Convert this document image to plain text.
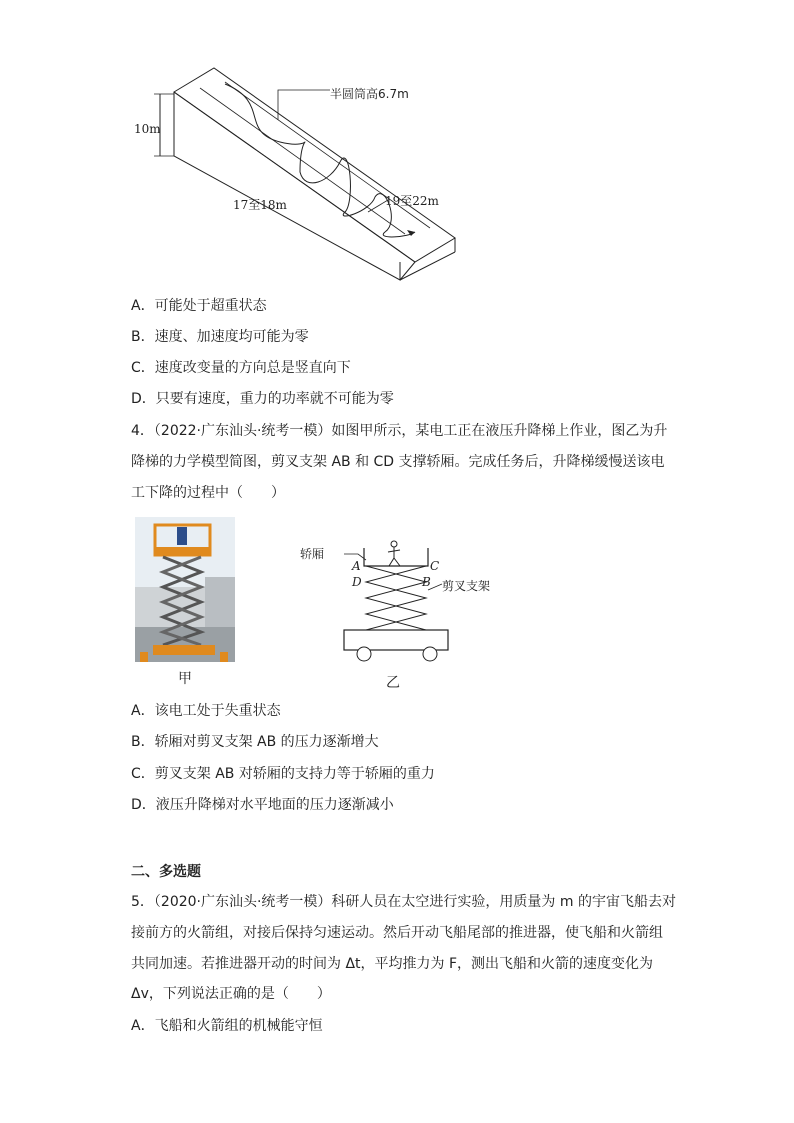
10m
半圆筒高6.7m
17至18m	19至22m
A．可能处于超重状态
B．速度、加速度均可能为零
C．速度改变量的方向总是竖直向下
D．只要有速度，重力的功率就不可能为零
4．（2022·广东汕头·统考一模）如图甲所示，某电工正在液压升降梯上作业，图乙为升
降梯的力学模型简图，剪叉支架 AB 和 CD 支撑轿厢。完成任务后，升降梯缓慢送该电
工下降的过程中（　　）
甲
轿厢
A	C
D	B 剪叉支架
乙
A．该电工处于失重状态
B．轿厢对剪叉支架 AB 的压力逐渐增大
C．剪叉支架 AB 对轿厢的支持力等于轿厢的重力
D．液压升降梯对水平地面的压力逐渐减小
二、多选题
5．（2020·广东汕头·统考一模）科研人员在太空进行实验，用质量为 m 的宇宙飞船去对
接前方的火箭组，对接后保持匀速运动。然后开动飞船尾部的推进器，使飞船和火箭组
共同加速。若推进器开动的时间为 Δt，平均推力为 F，测出飞船和火箭的速度变化为
Δv，下列说法正确的是（　　）
A．飞船和火箭组的机械能守恒
